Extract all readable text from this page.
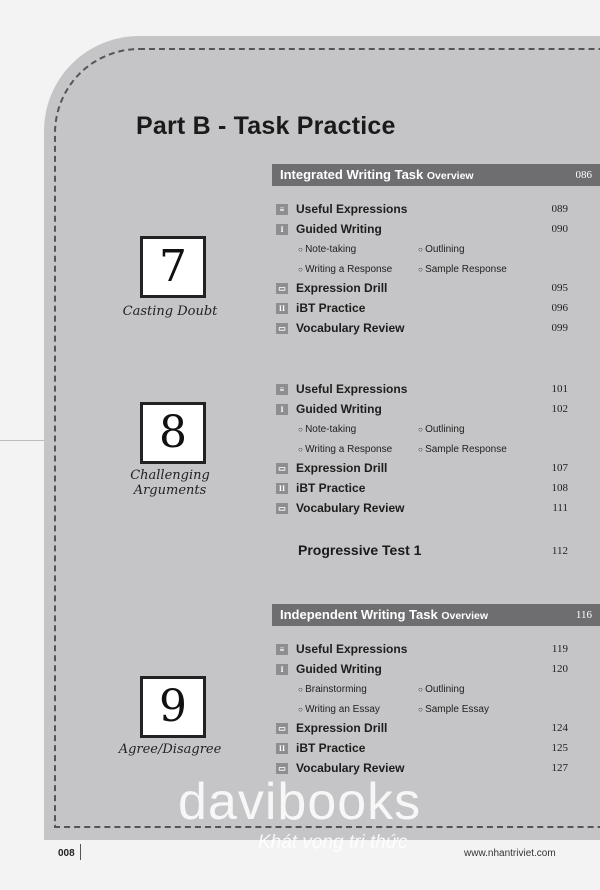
Part B - Task Practice
Integrated Writing Task Overview	086
7
Casting Doubt
≡ Useful Expressions	089
I	Guided Writing	090
○ Note-taking	○ Outlining
○ Writing a Response	○ Sample Response
▭ Expression Drill	095
II iBT Practice	096
▭ Vocabulary Review	099
8
Challenging
Arguments
≡ Useful Expressions	101
I	Guided Writing	102
○ Note-taking	○ Outlining
○ Writing a Response	○ Sample Response
▭ Expression Drill	107
II iBT Practice	108
▭ Vocabulary Review	111
Progressive Test 1	112
Independent Writing Task Overview	116
9
Agree/Disagree
≡ Useful Expressions	119
I	Guided Writing	120
○ Brainstorming	○ Outlining
○ Writing an Essay	○ Sample Essay
▭ Expression Drill	124
II iBT Practice	125
▭ Vocabulary Review	127
davibooks
Khát vọng tri thức
008	www.nhantriviet.com
